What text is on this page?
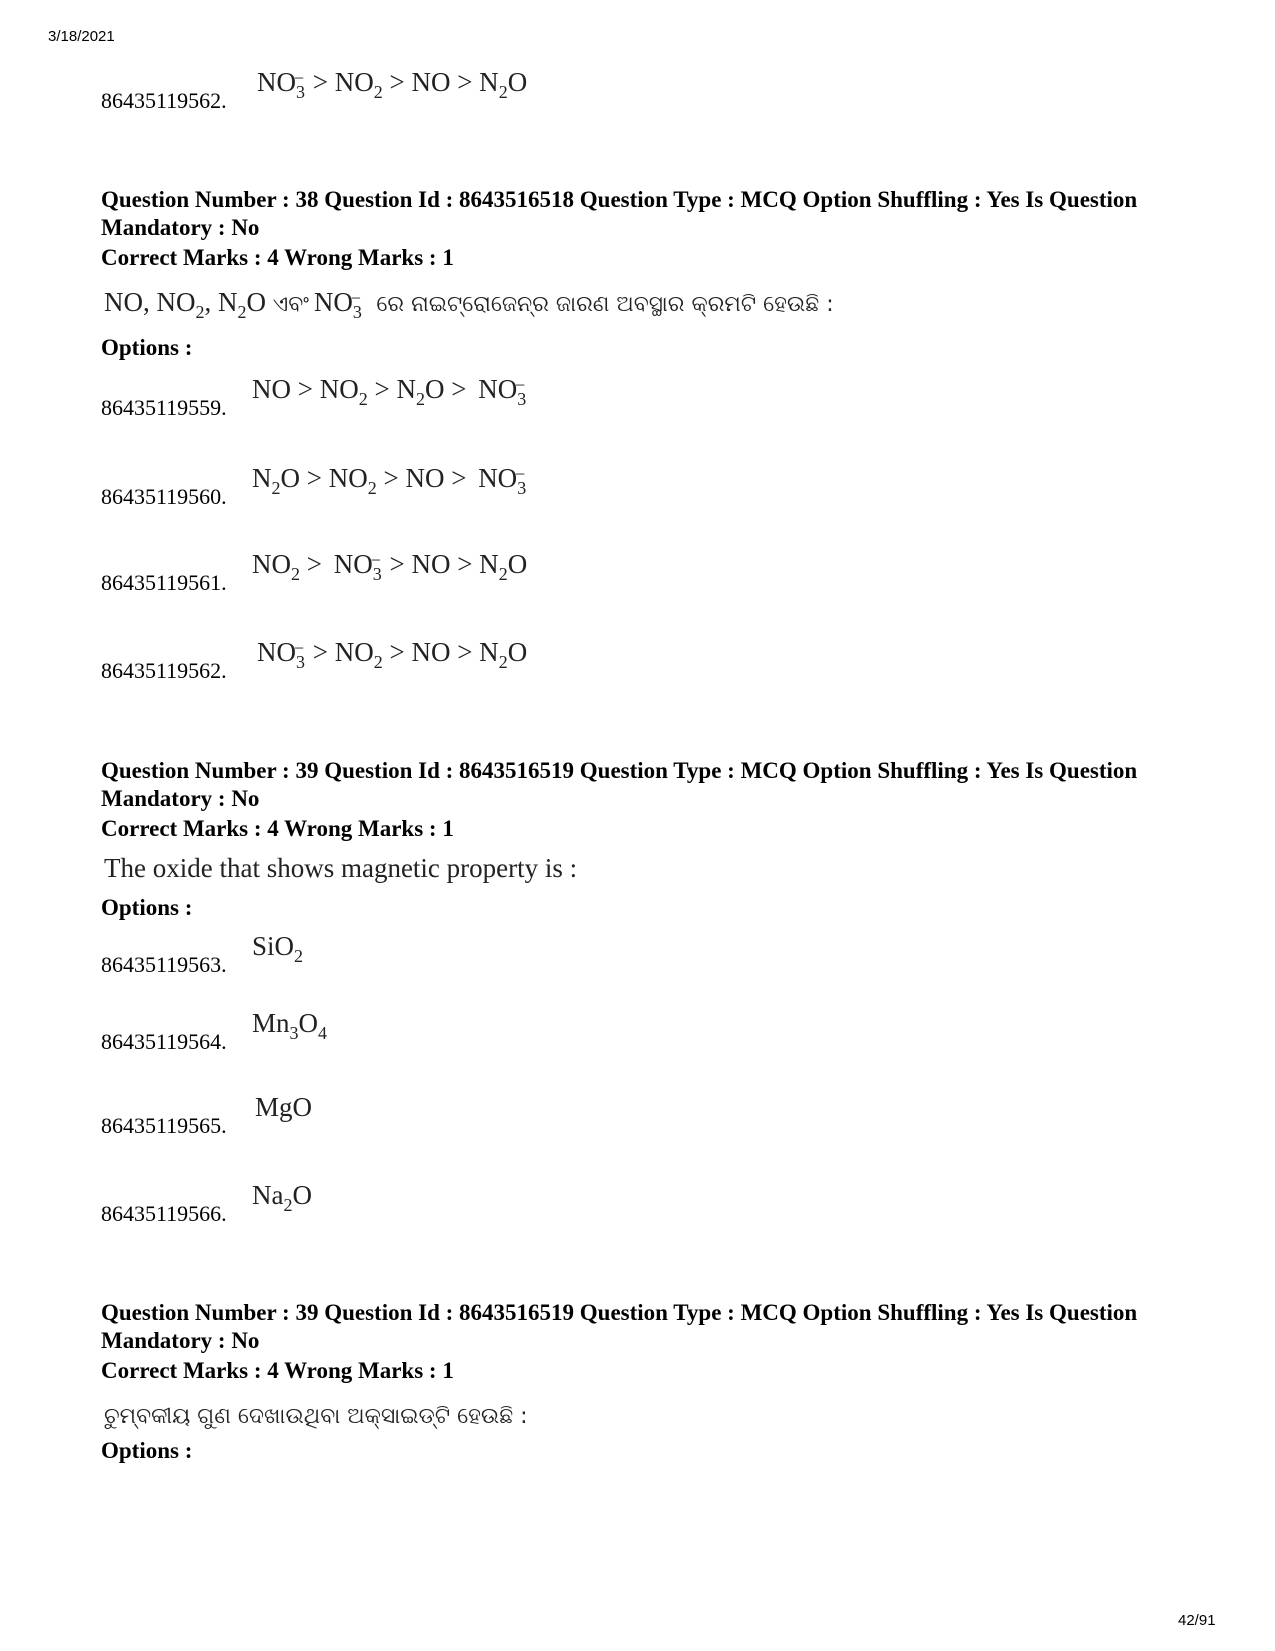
3/18/2021
$NO_3$
− > $NO_2$ > NO > $N_2O$
86435119562.
Question Number : 38 Question Id : 8643516518 Question Type : MCQ Option Shuffling : Yes Is Question Mandatory : No
Correct Marks : 4 Wrong Marks : 1
NO, $NO_2$, $N_2O$ $ଏବଂNO_3$
− ରେ ନାଇଟ୍ରୋଜେନ୍‌ର ଜାରଣ ଅବସ୍ଥାର କ୍ରମଟି ହେଉଛି :
Options :
NO > $NO_2 > N_2O > NO_3$
−
86435119559.
$N_2O > NO_2$ > NO > $NO_3$
−
86435119560.
$NO_2 > NO_3$
− > NO > $N_2O$
86435119561.
$NO_3$
− > $NO_2$ > NO > $N_2O$
86435119562.
Question Number : 39 Question Id : 8643516519 Question Type : MCQ Option Shuffling : Yes Is Question Mandatory : No
Correct Marks : 4 Wrong Marks : 1
The oxide that shows magnetic property is :
Options :
SiO$_2$
86435119563.
$Mn_3O_4$
86435119564.
MgO
86435119565.
$Na_2O$
86435119566.
Question Number : 39 Question Id : 8643516519 Question Type : MCQ Option Shuffling : Yes Is Question Mandatory : No
Correct Marks : 4 Wrong Marks : 1
ଚୁମ୍ବକୀୟ ଗୁଣ ଦେଖାଉଥିବା ଅକ୍ସାଇଡ୍‌ଟି ହେଉଛି :
Options :
42/91
